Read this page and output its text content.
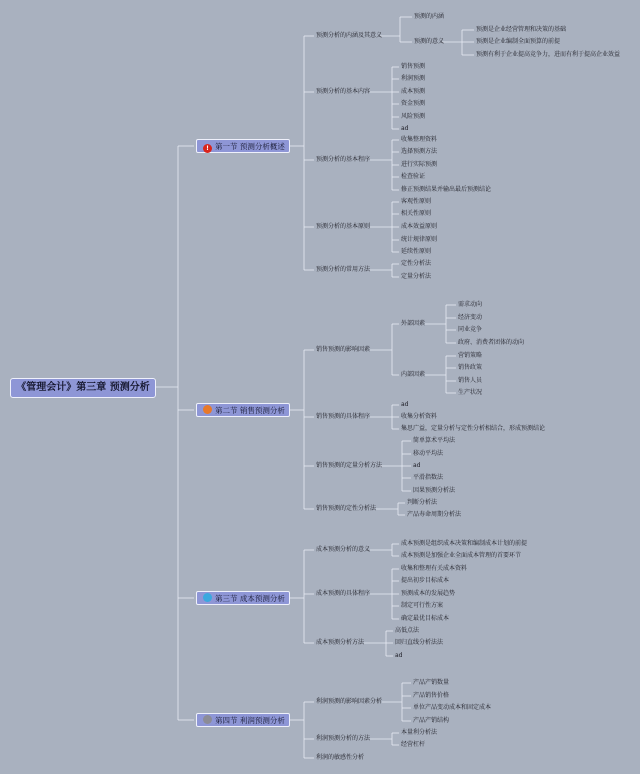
《管理会计》第三章 预测分析
! 第一节 预测分析概述
第二节 销售预测分析
第三节 成本预测分析
第四节 利润预测分析
预测分析的内涵及其意义
预测的内涵
预测的意义
预测是企业经营管理和决策的基础
预测是企业编制全面预算的前提
预测有利于企业提高竞争力，进而有利于提高企业效益
预测分析的基本内容
销售预测
利润预测
成本预测
资金预测
风险预测
ad
预测分析的基本程序
收集整理资料
选择预测方法
进行实际预测
检查验证
修正预测结果并输出最后预测结论
预测分析的基本原则
客观性原则
相关性原则
成本效益原则
统计规律原则
延续性原则
预测分析的常用方法
定性分析法
定量分析法
销售预测的影响因素
外部因素
需求动向
经济变动
同业竞争
政府、消费者团体的动向
内部因素
营销策略
销售政策
销售人员
生产状况
销售预测的具体程序
ad
收集分析资料
集思广益，定量分析与定性分析相结合，形成预测结论
销售预测的定量分析方法
简单算术平均法
移动平均法
ad
平滑指数法
因果预测分析法
销售预测的定性分析法
判断分析法
产品寿命周期分析法
成本预测分析的意义
成本预测是组织成本决策和编制成本计划的前提
成本预测是加强企业全面成本管理的首要环节
成本预测的具体程序
收集和整理有关成本资料
提出初步目标成本
预测成本的发展趋势
制定可行性方案
确定最优目标成本
成本预测分析方法
高低点法
回归直线分析法法
ad
利润预测的影响因素分析
产品产销数量
产品销售价格
单位产品变动成本和固定成本
产品产销结构
利润预测分析的方法
本量利分析法
经营杠杆
利润的敏感性分析
